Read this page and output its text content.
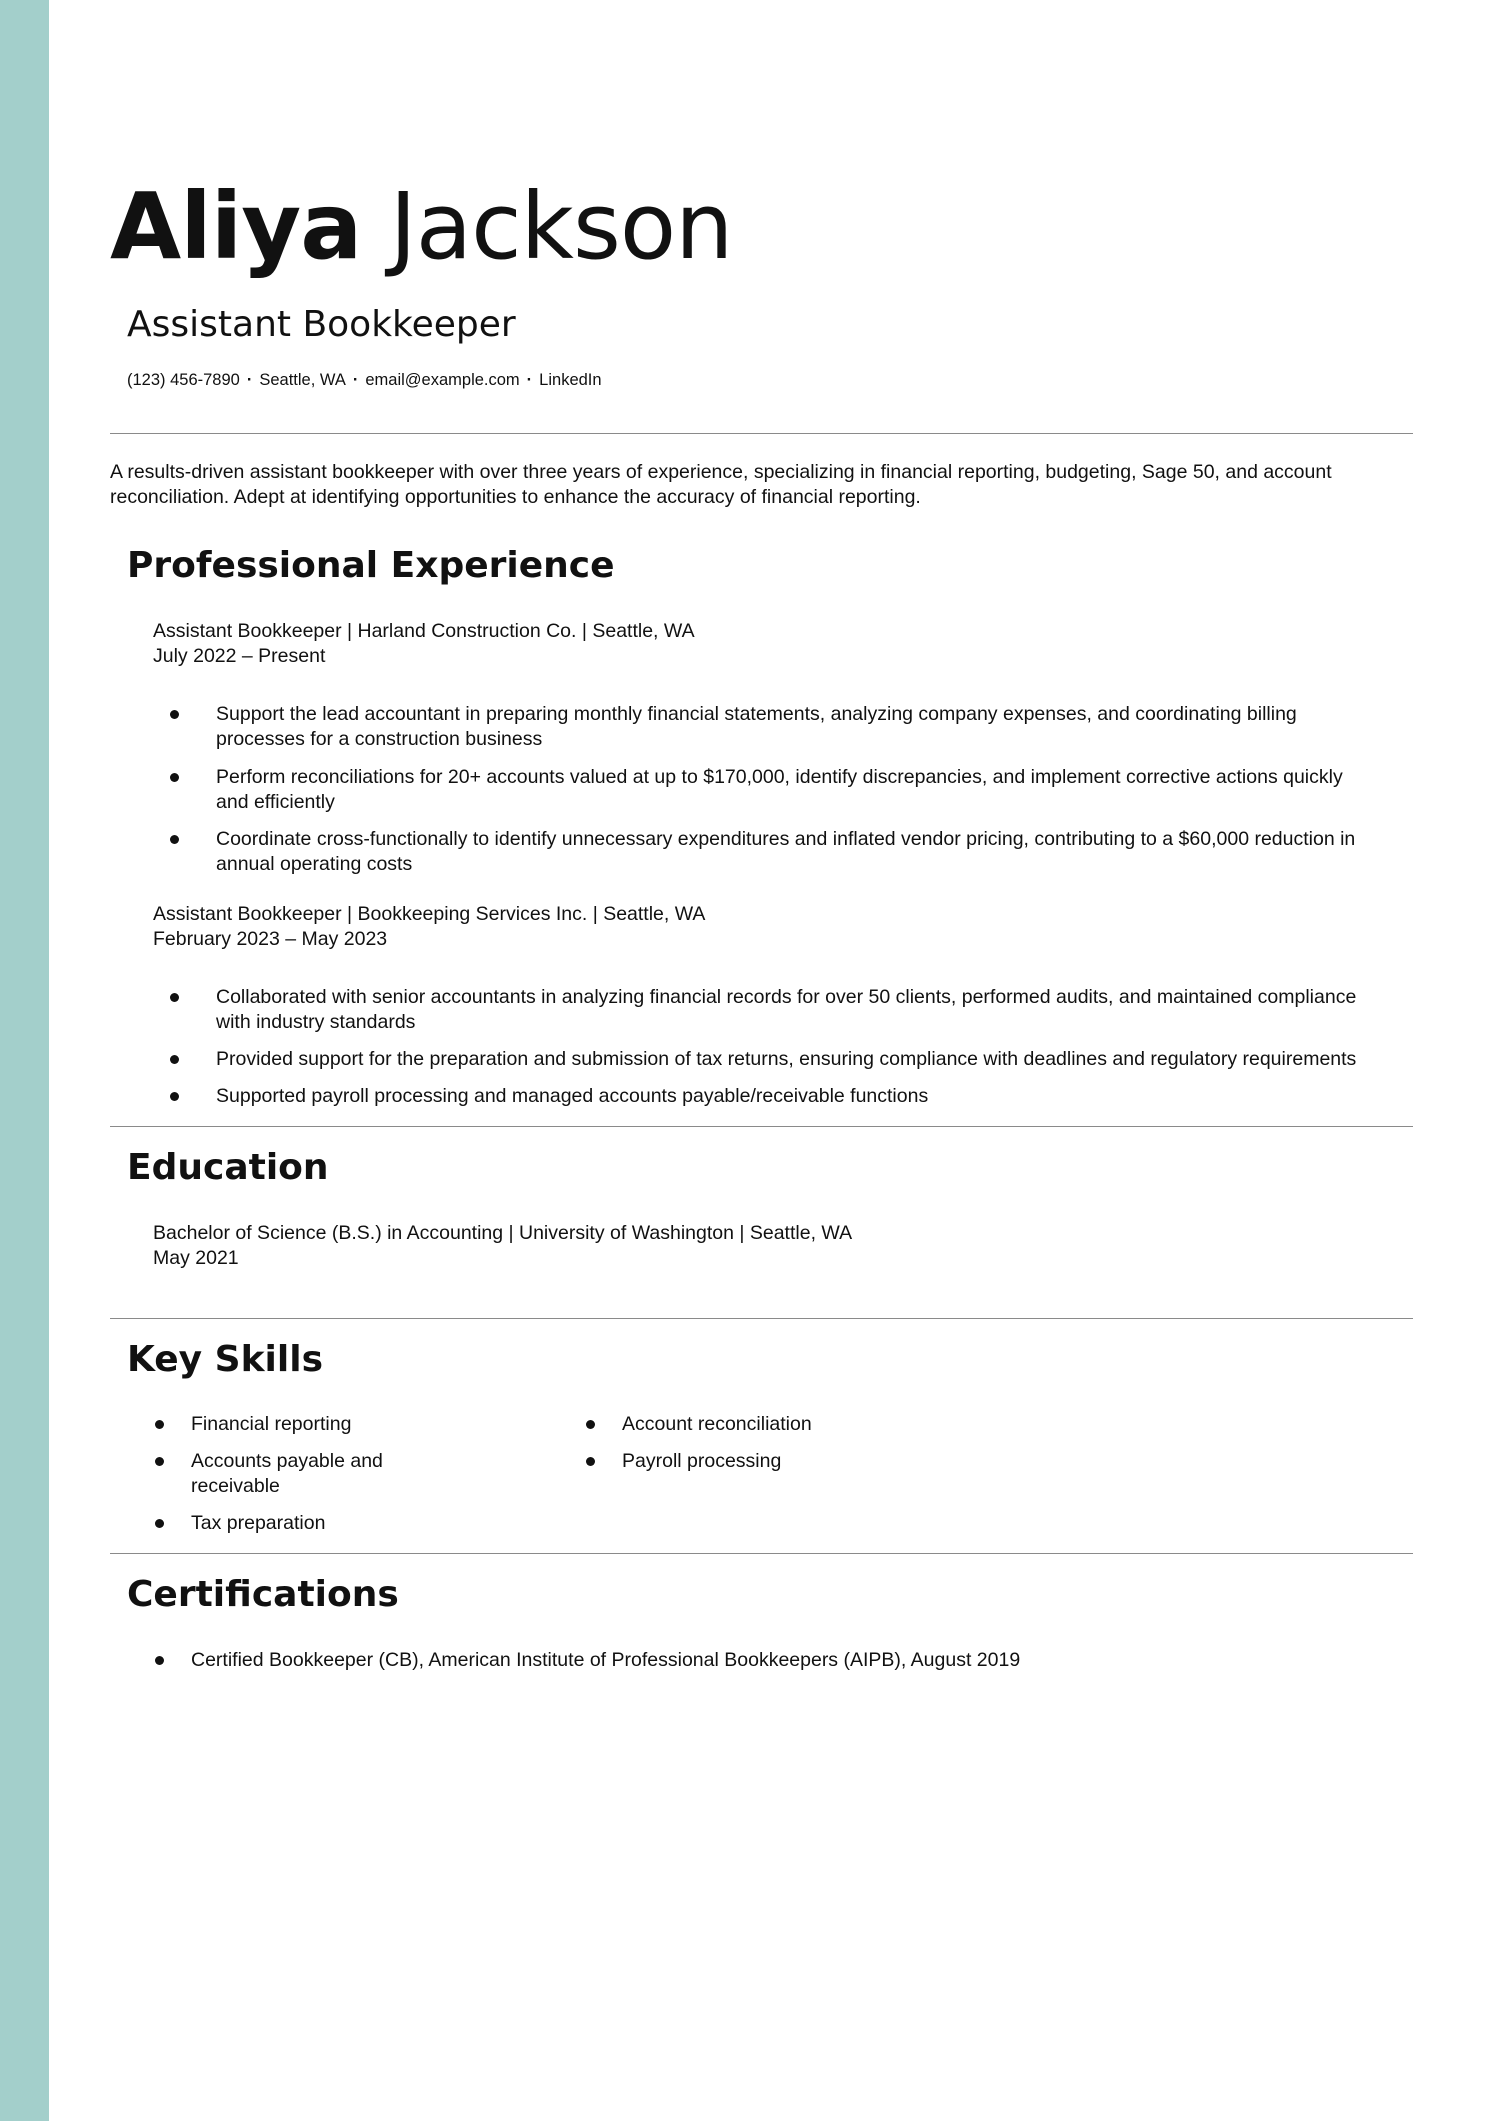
Aliya Jackson
Assistant Bookkeeper
(123) 456-7890 · Seattle, WA · email@example.com · LinkedIn
A results-driven assistant bookkeeper with over three years of experience, specializing in financial reporting, budgeting, Sage 50, and account reconciliation. Adept at identifying opportunities to enhance the accuracy of financial reporting.
Professional Experience
Assistant Bookkeeper | Harland Construction Co. | Seattle, WA
July 2022 – Present
Support the lead accountant in preparing monthly financial statements, analyzing company expenses, and coordinating billing processes for a construction business
Perform reconciliations for 20+ accounts valued at up to $170,000, identify discrepancies, and implement corrective actions quickly and efficiently
Coordinate cross-functionally to identify unnecessary expenditures and inflated vendor pricing, contributing to a $60,000 reduction in annual operating costs
Assistant Bookkeeper | Bookkeeping Services Inc. | Seattle, WA
February 2023 – May 2023
Collaborated with senior accountants in analyzing financial records for over 50 clients, performed audits, and maintained compliance with industry standards
Provided support for the preparation and submission of tax returns, ensuring compliance with deadlines and regulatory requirements
Supported payroll processing and managed accounts payable/receivable functions
Education
Bachelor of Science (B.S.) in Accounting | University of Washington | Seattle, WA
May 2021
Key Skills
Financial reporting
Accounts payable and receivable
Tax preparation
Account reconciliation
Payroll processing
Certifications
Certified Bookkeeper (CB), American Institute of Professional Bookkeepers (AIPB), August 2019
